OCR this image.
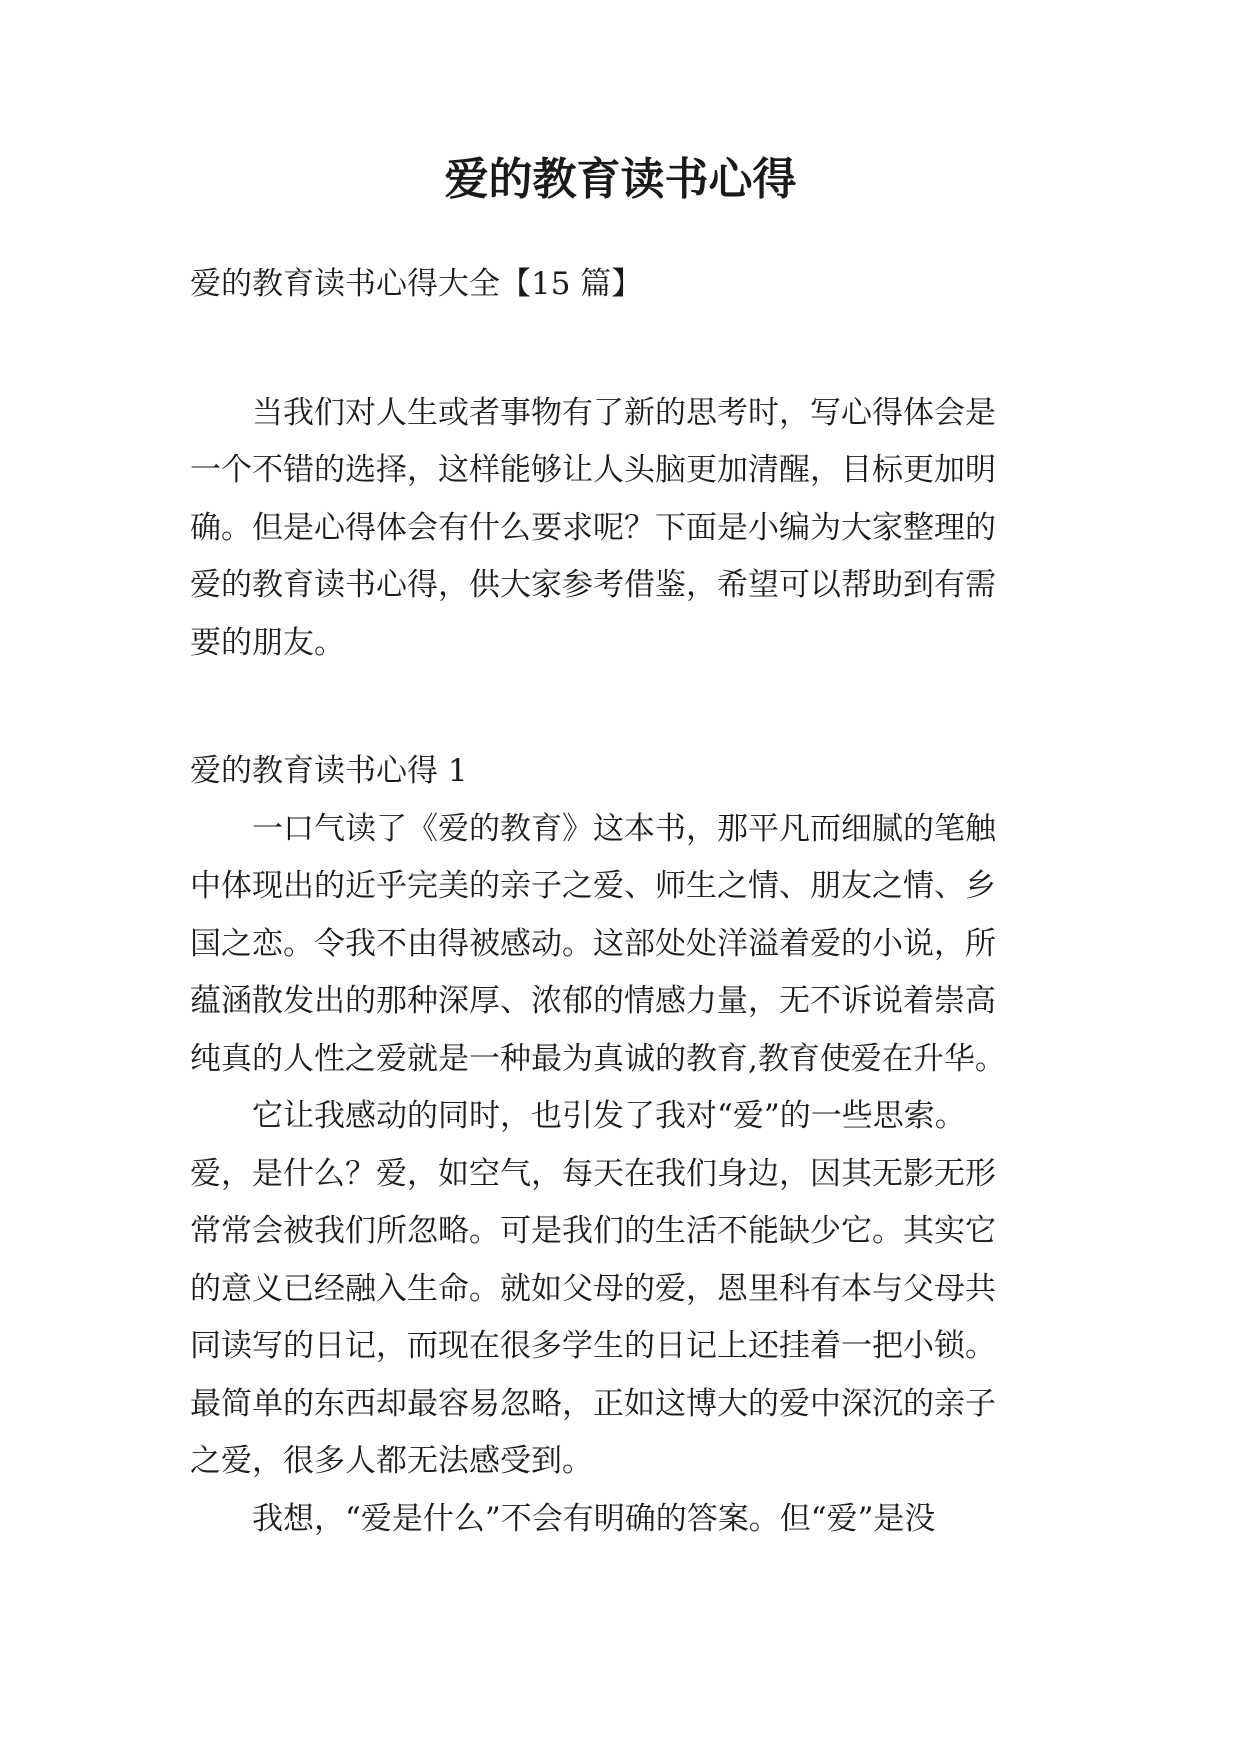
爱的教育读书心得

爱的教育读书心得大全【15 篇】

　　当我们对人生或者事物有了新的思考时，写心得体会是

一个不错的选择，这样能够让人头脑更加清醒，目标更加明

确。但是心得体会有什么要求呢？下面是小编为大家整理的

爱的教育读书心得，供大家参考借鉴，希望可以帮助到有需

要的朋友。

爱的教育读书心得 1

　　一口气读了《爱的教育》这本书，那平凡而细腻的笔触

中体现出的近乎完美的亲子之爱、师生之情、朋友之情、乡

国之恋。令我不由得被感动。这部处处洋溢着爱的小说，所

蕴涵散发出的那种深厚、浓郁的情感力量，无不诉说着崇高

纯真的人性之爱就是一种最为真诚的教育,教育使爱在升华。

　　它让我感动的同时，也引发了我对“爱”的一些思索。

爱，是什么？爱，如空气，每天在我们身边，因其无影无形

常常会被我们所忽略。可是我们的生活不能缺少它。其实它

的意义已经融入生命。就如父母的爱，恩里科有本与父母共

同读写的日记，而现在很多学生的日记上还挂着一把小锁。

最简单的东西却最容易忽略，正如这博大的爱中深沉的亲子

之爱，很多人都无法感受到。

　　我想，“爱是什么”不会有明确的答案。但“爱”是没
